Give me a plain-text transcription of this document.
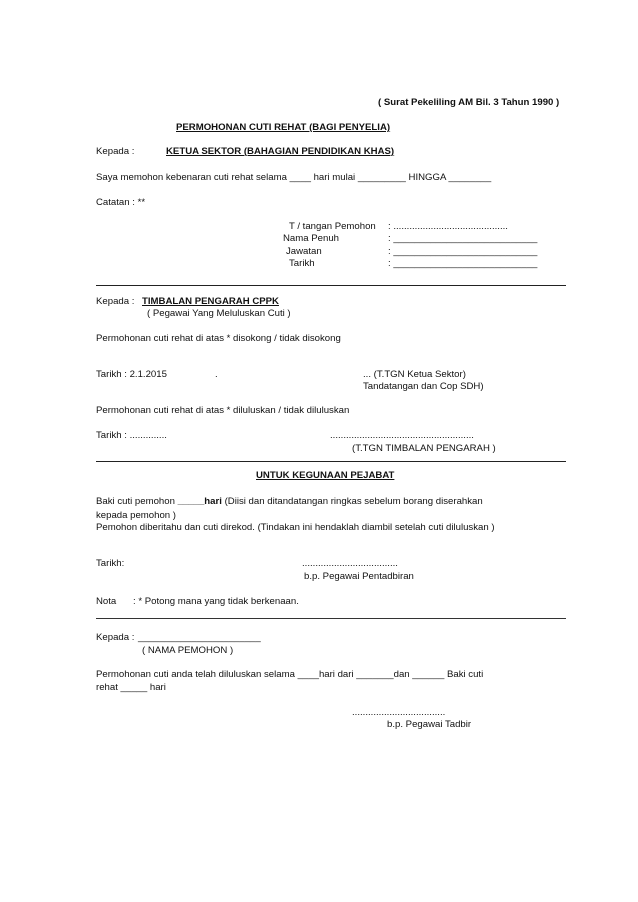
( Surat Pekeliling AM Bil. 3 Tahun 1990 )
PERMOHONAN CUTI REHAT (BAGI PENYELIA)
Kepada :	KETUA SEKTOR (BAHAGIAN PENDIDIKAN KHAS)
Saya memohon kebenaran cuti rehat selama ____ hari mulai _________ HINGGA ________
Catatan : **
T / tangan Pemohon : ...........................................
Nama Penuh	: ___________________________
Jawatan	: ___________________________
Tarikh	: ___________________________
Kepada : TIMBALAN PENGARAH CPPK
( Pegawai Yang Meluluskan Cuti )
Permohonan cuti rehat di atas * disokong / tidak disokong
Tarikh : 2.1.2015	.	... (T.TGN Ketua Sektor)
Tandatangan dan Cop SDH)
Permohonan cuti rehat di atas * diluluskan / tidak diluluskan
Tarikh : ..............	......................................................
(T.TGN TIMBALAN PENGARAH )
UNTUK KEGUNAAN PEJABAT
Baki cuti pemohon _____hari (Diisi dan ditandatangan ringkas sebelum borang diserahkan
kepada pemohon )
Pemohon diberitahu dan cuti direkod. (Tindakan ini hendaklah diambil setelah cuti diluluskan )
Tarikh:	....................................
b.p. Pegawai Pentadbiran
Nota : * Potong mana yang tidak berkenaan.
Kepada : _______________________
( NAMA PEMOHON )
Permohonan cuti anda telah diluluskan selama ____hari dari _______dan ______ Baki cuti
rehat _____ hari
...................................
b.p. Pegawai Tadbir
